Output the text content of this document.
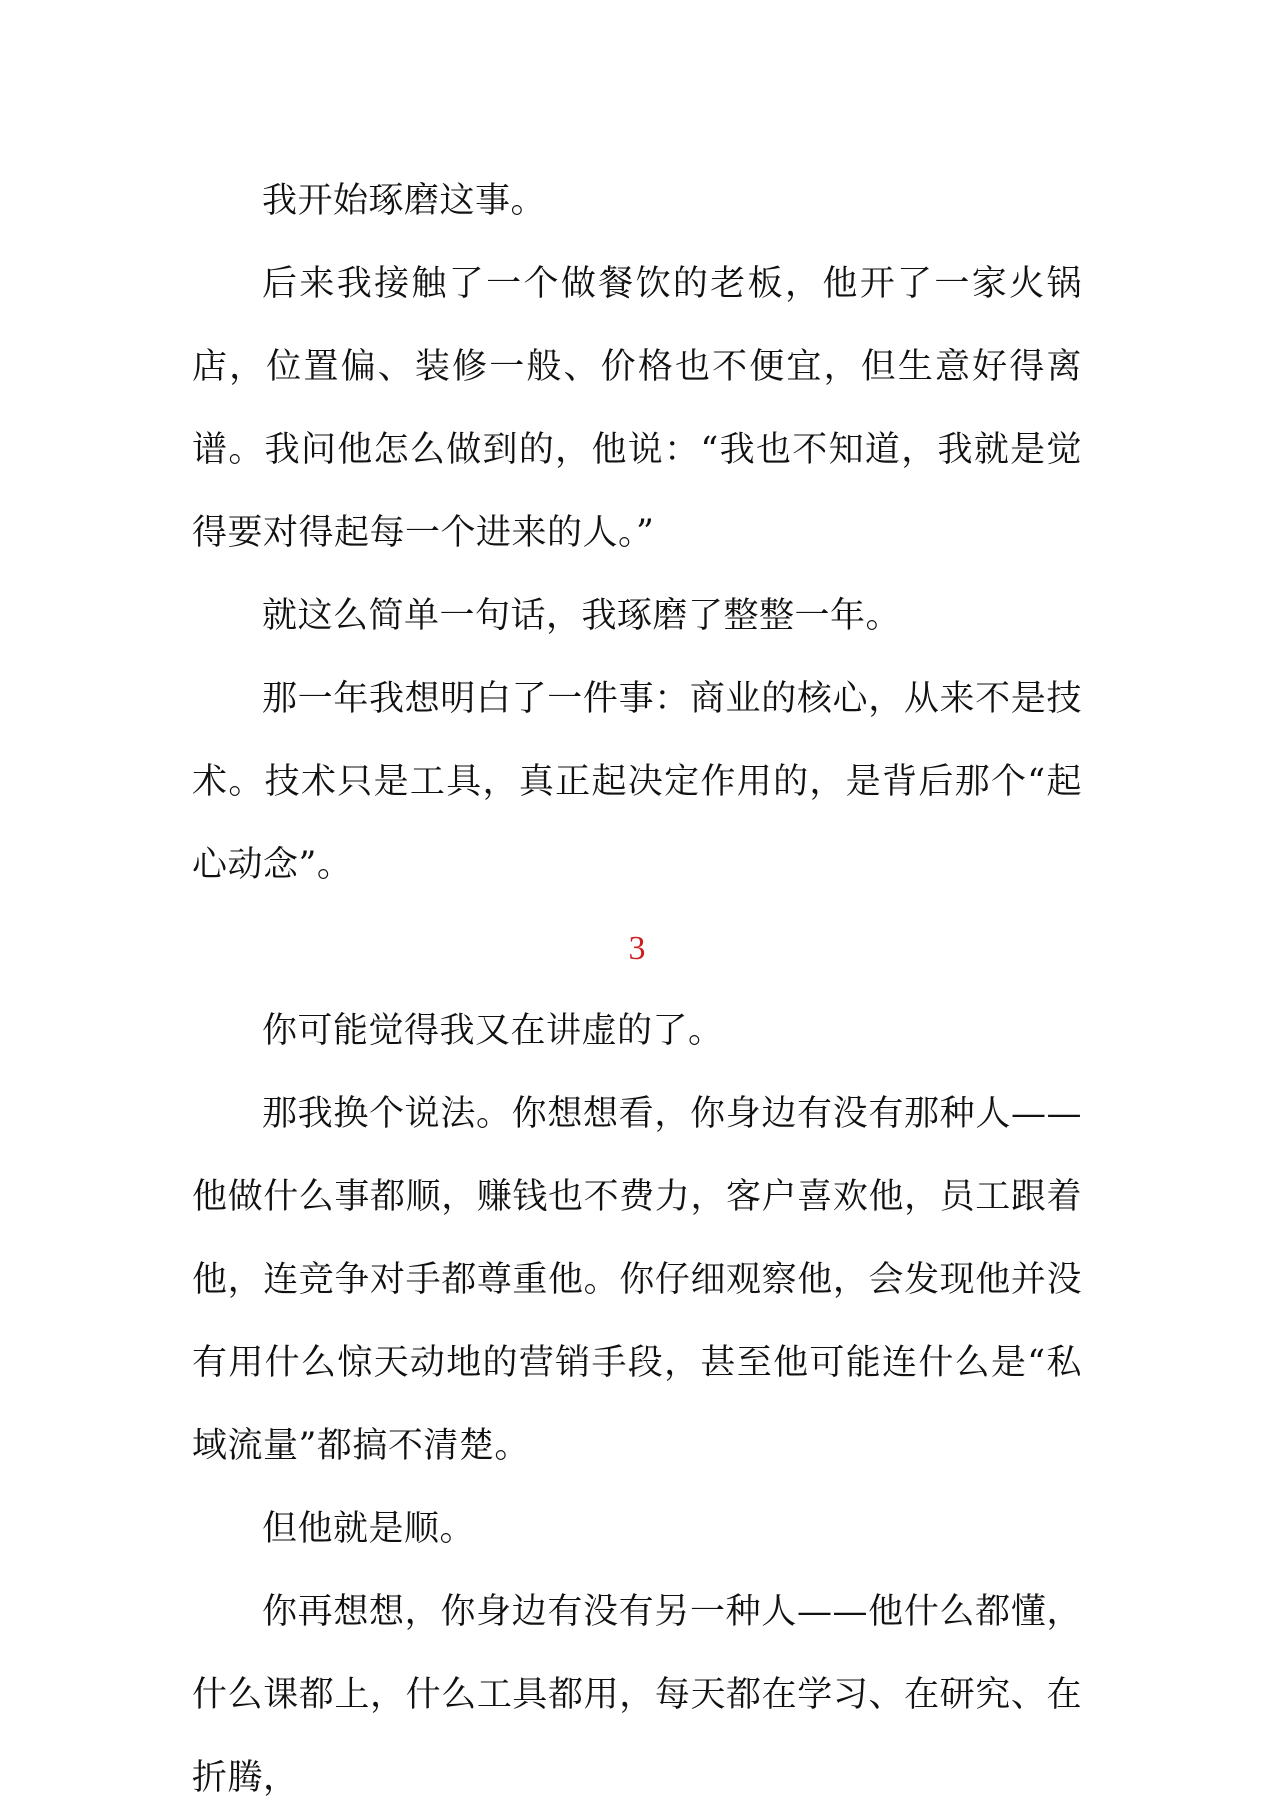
我开始琢磨这事。

后来我接触了一个做餐饮的老板，他开了一家火锅店，位置偏、装修一般、价格也不便宜，但生意好得离谱。我问他怎么做到的，他说：“我也不知道，我就是觉得要对得起每一个进来的人。”

就这么简单一句话，我琢磨了整整一年。

那一年我想明白了一件事：商业的核心，从来不是技术。技术只是工具，真正起决定作用的，是背后那个“起心动念”。

3

你可能觉得我又在讲虚的了。

那我换个说法。你想想看，你身边有没有那种人——他做什么事都顺，赚钱也不费力，客户喜欢他，员工跟着他，连竞争对手都尊重他。你仔细观察他，会发现他并没有用什么惊天动地的营销手段，甚至他可能连什么是“私域流量”都搞不清楚。

但他就是顺。

你再想想，你身边有没有另一种人——他什么都懂，什么课都上，什么工具都用，每天都在学习、在研究、在折腾，
